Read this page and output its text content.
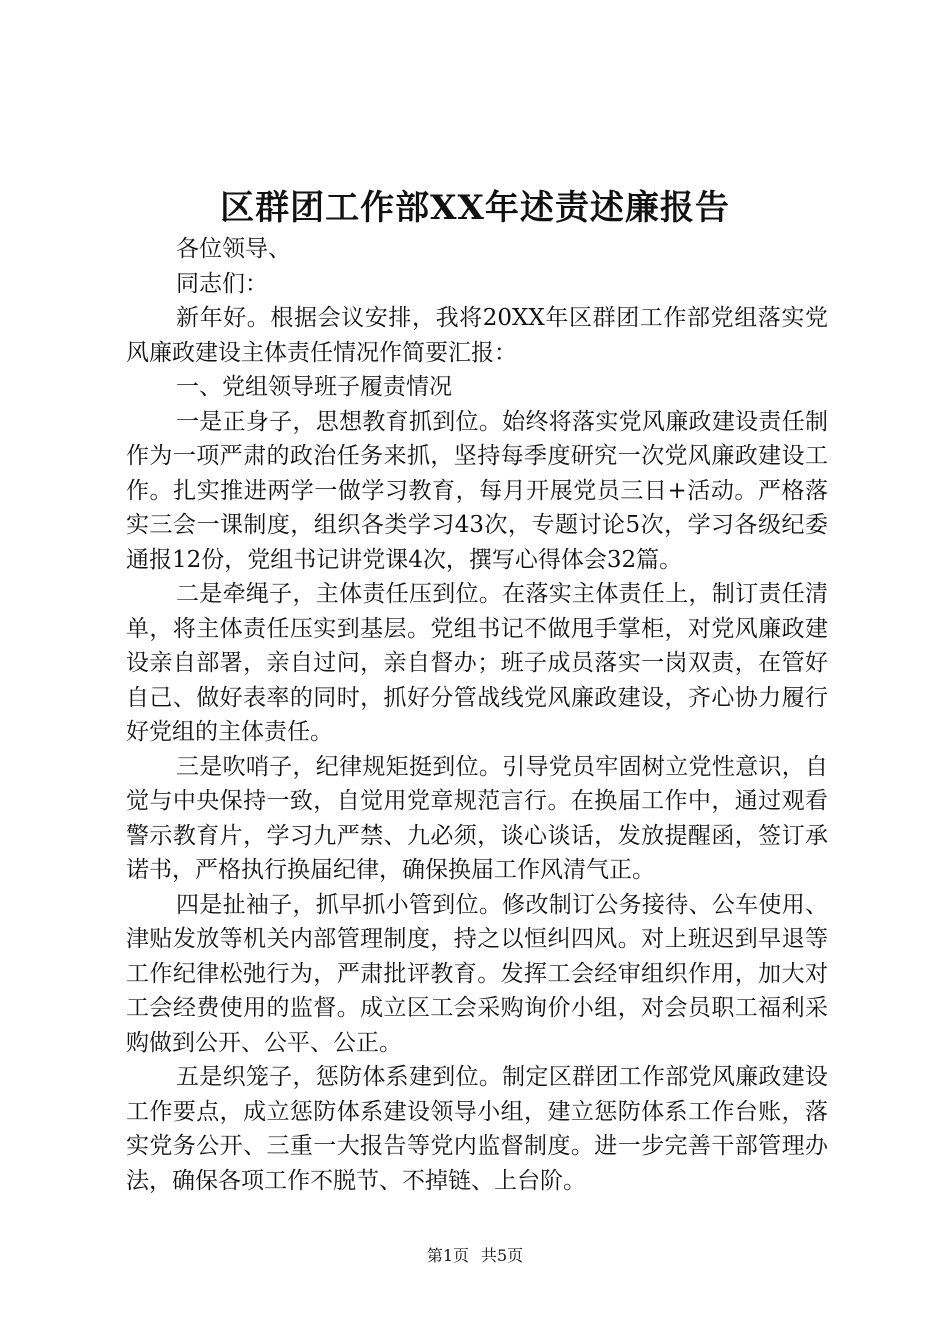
区群团工作部XX年述责述廉报告

各位领导、

同志们：

新年好。根据会议安排，我将20XX年区群团工作部党组落实党风廉政建设主体责任情况作简要汇报：

一、党组领导班子履责情况

一是正身子，思想教育抓到位。始终将落实党风廉政建设责任制作为一项严肃的政治任务来抓，坚持每季度研究一次党风廉政建设工作。扎实推进两学一做学习教育，每月开展党员三日+活动。严格落实三会一课制度，组织各类学习43次，专题讨论5次，学习各级纪委通报12份，党组书记讲党课4次，撰写心得体会32篇。

二是牵绳子，主体责任压到位。在落实主体责任上，制订责任清单，将主体责任压实到基层。党组书记不做甩手掌柜，对党风廉政建设亲自部署，亲自过问，亲自督办；班子成员落实一岗双责，在管好自己、做好表率的同时，抓好分管战线党风廉政建设，齐心协力履行好党组的主体责任。

三是吹哨子，纪律规矩挺到位。引导党员牢固树立党性意识，自觉与中央保持一致，自觉用党章规范言行。在换届工作中，通过观看警示教育片，学习九严禁、九必须，谈心谈话，发放提醒函，签订承诺书，严格执行换届纪律，确保换届工作风清气正。

四是扯袖子，抓早抓小管到位。修改制订公务接待、公车使用、津贴发放等机关内部管理制度，持之以恒纠四风。对上班迟到早退等工作纪律松弛行为，严肃批评教育。发挥工会经审组织作用，加大对工会经费使用的监督。成立区工会采购询价小组，对会员职工福利采购做到公开、公平、公正。

五是织笼子，惩防体系建到位。制定区群团工作部党风廉政建设工作要点，成立惩防体系建设领导小组，建立惩防体系工作台账，落实党务公开、三重一大报告等党内监督制度。进一步完善干部管理办法，确保各项工作不脱节、不掉链、上台阶。

第1页 共5页
